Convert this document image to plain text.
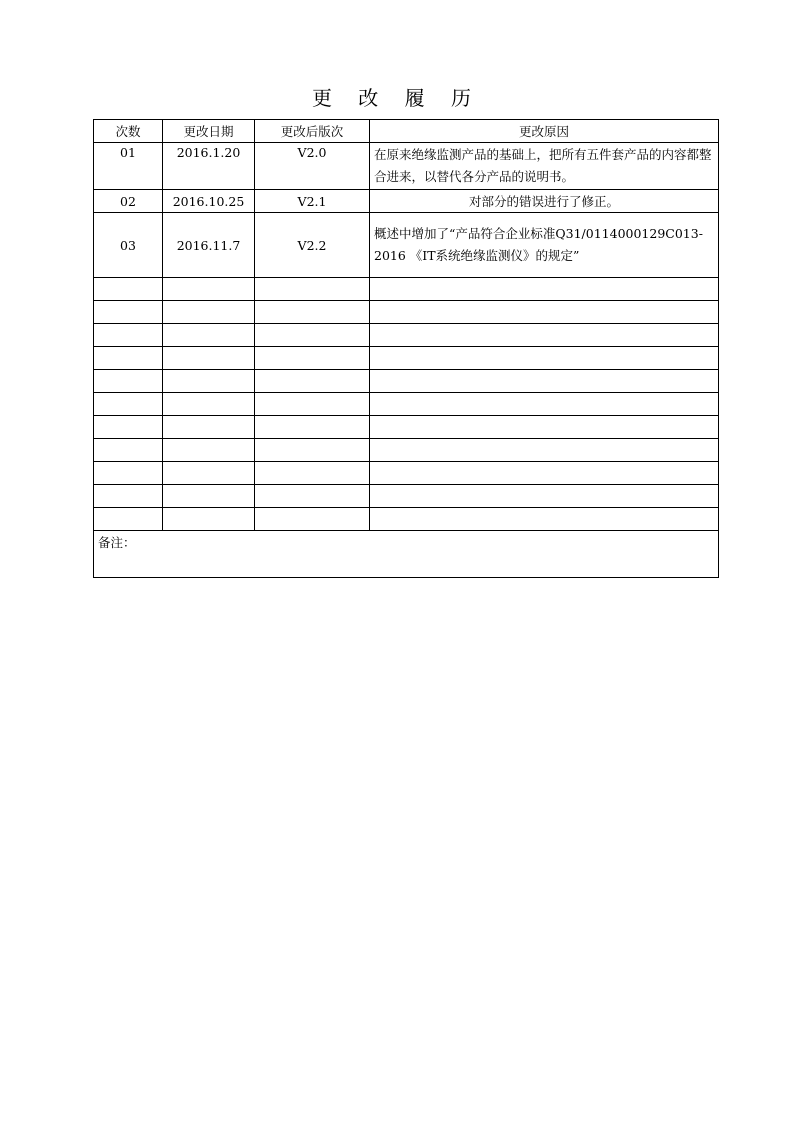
更 改 履 历
次数	更改日期	更改后版次	更改原因
01	2016.1.20	V2.0	在原来绝缘监测产品的基础上，把所有五件套产品的内容都整合进来，以替代各分产品的说明书。
02	2016.10.25	V2.1	对部分的错误进行了修正。
03	2016.11.7	V2.2	概述中增加了“产品符合企业标准Q31/0114000129C013-2016 《IT系统绝缘监测仪》的规定”

备注：			
